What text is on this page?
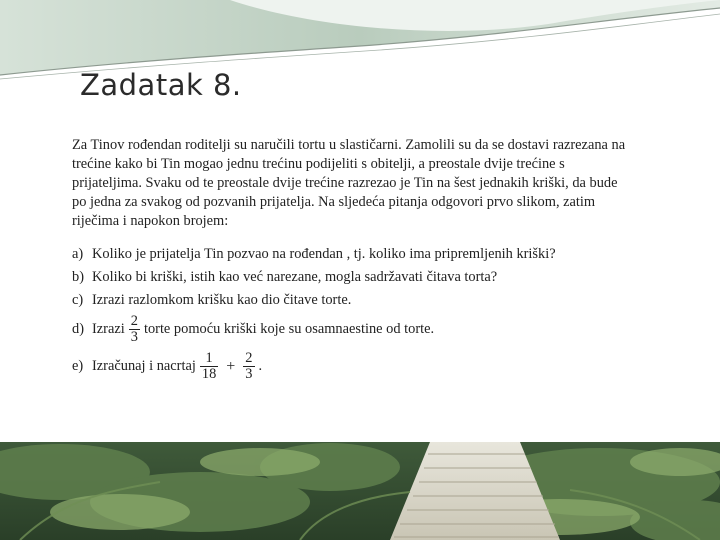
Zadatak 8.

Za Tinov rođendan roditelji su naručili tortu u slastičarni. Zamolili su da se dostavi razrezana na trećine kako bi Tin mogao jednu trećinu podijeliti s obitelji, a preostale dvije trećine s prijateljima. Svaku od te preostale dvije trećine razrezao je Tin na šest jednakih kriški, da bude po jedna za svakog od pozvanih prijatelja. Na sljedeća pitanja odgovori prvo slikom, zatim riječima i napokon brojem:

a) Koliko je prijatelja Tin pozvao na rođendan , tj. koliko ima pripremljenih kriški?
b) Koliko bi kriški, istih kao već narezane, mogla sadržavati čitava torta?
c) Izrazi razlomkom krišku kao dio čitave torte.
d) Izrazi $\frac{2}{3}$ torte pomoću kriški koje su osamnaestine od torte.
e) Izračunaj i nacrtaj $\frac{1}{18} + \frac{2}{3}$ .
